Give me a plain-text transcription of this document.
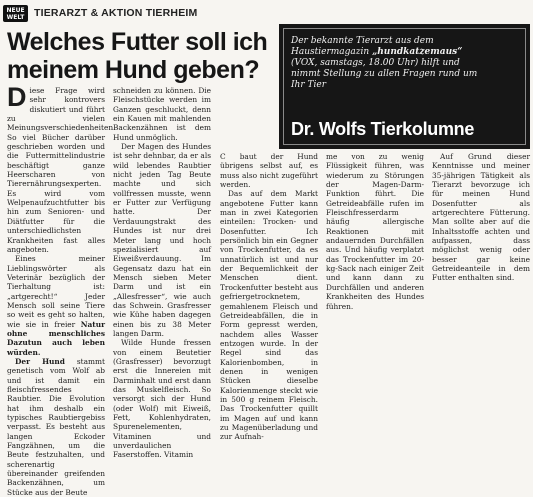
NEUE WELT TIERARZT & AKTION TIERHEIM
Welches Futter soll ich meinem Hund geben?
Der bekannte Tierarzt aus dem Haustiermagazin „hundkatzemaus“ (VOX, samstags, 18.00 Uhr) hilft und nimmt Stellung zu allen Fragen rund um Ihr Tier
Dr. Wolfs Tierkolumne

Diese Frage wird sehr kontrovers diskutiert und führt zu vielen Meinungsverschiedenheiten. So viel Bücher darüber geschrieben worden und die Futtermittelindustrie beschäftigt ganze Heerscharen von Tierernährungsexperten. Es wird vom Welpenaufzuchtfutter bis hin zum Senioren- und Diätfutter für die unterschiedlichsten Krankheiten fast alles angeboten.

Eines meiner Lieblingswörter als Veterinär bezüglich der Tierhaltung ist: „artgerecht!“ Jeder Mensch soll seine Tiere so weit es geht so halten, wie sie in freier Natur ohne menschliches Dazutun auch leben würden.

Der Hund stammt genetisch vom Wolf ab und ist damit ein fleischfressendes Raubtier. Die Evolution hat ihm deshalb ein typisches Raubtiergebiss verpasst. Es besteht aus langen Eckoder Fangzähnen, um die Beute festzuhalten, und scherenartig übereinander greifenden Backenzähnen, um Stücke aus der Beute

schneiden zu können. Die Fleischstücke werden im Ganzen geschluckt, denn ein Kauen mit mahlenden Backenzähnen ist dem Hund unmöglich.

Der Magen des Hundes ist sehr dehnbar, da er als wild lebendes Raubtier nicht jeden Tag Beute machte und sich vollfressen musste, wenn er Futter zur Verfügung hatte. Der Verdauungstrakt des Hundes ist nur drei Meter lang und hoch spezialisiert auf Eiweißverdauung. Im Gegensatz dazu hat ein Mensch sieben Meter Darm und ist ein „Allesfresser“, wie auch das Schwein. Grasfresser wie Kühe haben dagegen einen bis zu 38 Meter langen Darm.

Wilde Hunde fressen von einem Beutetier (Grasfresser) bevorzugt erst die Innereien mit Darminhalt und erst dann das Muskelfleisch. So versorgt sich der Hund (oder Wolf) mit Eiweiß, Fett, Kohlenhydraten, Spurenelementen, Vitaminen und unverdaulichen Faserstoffen. Vitamin

C baut der Hund übrigens selbst auf, es muss also nicht zugeführt werden.

Das auf dem Markt angebotene Futter kann man in zwei Kategorien einteilen: Trocken- und Dosenfutter. Ich persönlich bin ein Gegner von Trockenfutter, da es unnatürlich ist und nur der Bequemlichkeit der Menschen dient. Trockenfutter besteht aus gefriergetrocknetem, gemahlenem Fleisch und Getreideabfällen, die in Form gepresst werden, nachdem alles Wasser entzogen wurde. In der Regel sind das Kalorienbomben, in denen in wenigen Stücken dieselbe Kalorienmenge steckt wie in 500 g reinem Fleisch. Das Trockenfutter quillt im Magen auf und kann zu Magenüberladung und zur Aufnah-

me von zu wenig Flüssigkeit führen, was wiederum zu Störungen der Magen-Darm-Funktion führt. Die Getreideabfälle rufen im Fleischfresserdarm häufig allergische Reaktionen mit andauernden Durchfällen aus. Und häufig verplatzt das Trockenfutter im 20-kg-Sack nach einiger Zeit und kann dann zu Durchfällen und anderen Krankheiten des Hundes führen.

Auf Grund dieser Kenntnisse und meiner 35-jährigen Tätigkeit als Tierarzt bevorzuge ich für meinen Hund Dosenfutter als artgerechtere Fütterung. Man sollte aber auf die Inhaltsstoffe achten und aufpassen, dass möglichst wenig oder besser gar keine Getreideanteile in dem Futter enthalten sind.
